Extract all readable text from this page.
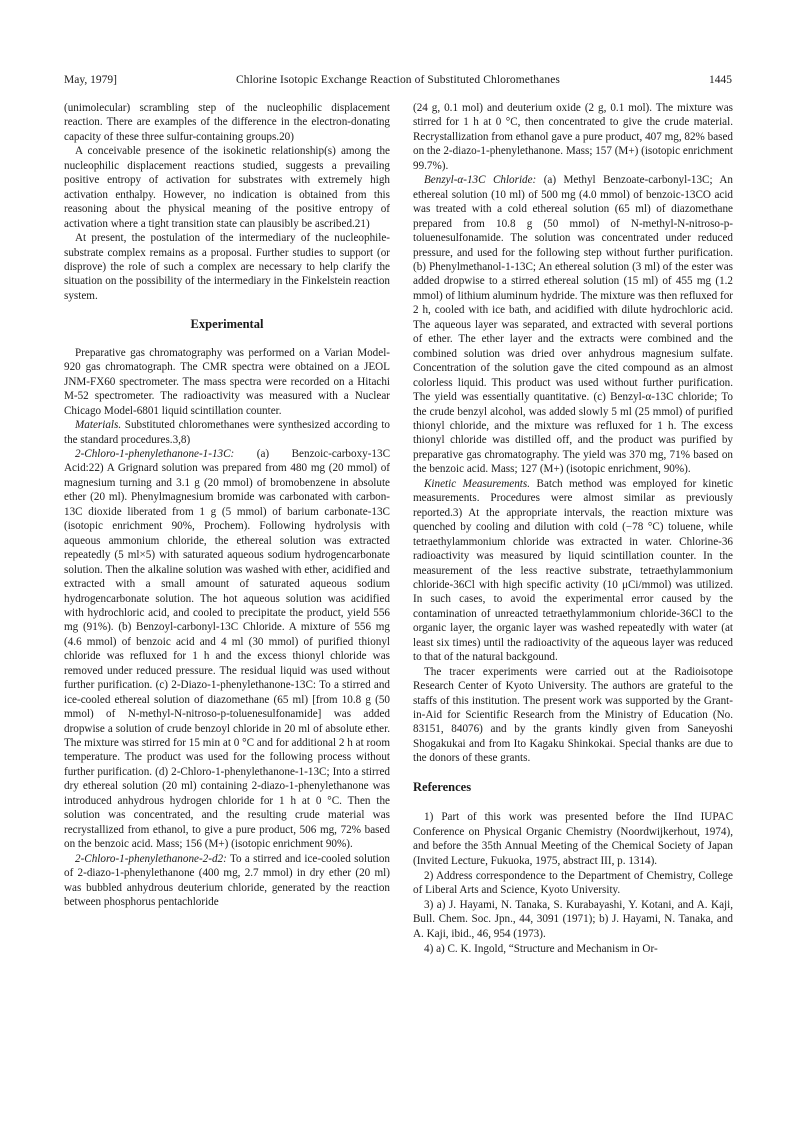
May, 1979]	Chlorine Isotopic Exchange Reaction of Substituted Chloromethanes	1445

(unimolecular) scrambling step of the nucleophilic displacement reaction. There are examples of the difference in the electron-donating capacity of these three sulfur-containing groups.20)

A conceivable presence of the isokinetic relationship(s) among the nucleophilic displacement reactions studied, suggests a prevailing positive entropy of activation for substrates with extremely high activation enthalpy. However, no indication is obtained from this reasoning about the physical meaning of the positive entropy of activation where a tight transition state can plausibly be ascribed.21)

At present, the postulation of the intermediary of the nucleophile-substrate complex remains as a proposal. Further studies to support (or disprove) the role of such a complex are necessary to help clarify the situation on the possibility of the intermediary in the Finkelstein reaction system.

Experimental

Preparative gas chromatography was performed on a Varian Model-920 gas chromatograph. The CMR spectra were obtained on a JEOL JNM-FX60 spectrometer. The mass spectra were recorded on a Hitachi M-52 spectrometer. The radioactivity was measured with a Nuclear Chicago Model-6801 liquid scintillation counter.

Materials. Substituted chloromethanes were synthesized according to the standard procedures.3,8)

2-Chloro-1-phenylethanone-1-13C: (a) Benzoic-carboxy-13C Acid:22) A Grignard solution was prepared from 480 mg (20 mmol) of magnesium turning and 3.1 g (20 mmol) of bromobenzene in absolute ether (20 ml). Phenylmagnesium bromide was carbonated with carbon-13C dioxide liberated from 1 g (5 mmol) of barium carbonate-13C (isotopic enrichment 90%, Prochem). Following hydrolysis with aqueous ammonium chloride, the ethereal solution was extracted repeatedly (5 ml×5) with saturated aqueous sodium hydrogencarbonate solution. Then the alkaline solution was washed with ether, acidified and extracted with a small amount of saturated aqueous sodium hydrogencarbonate solution. The hot aqueous solution was acidified with hydrochloric acid, and cooled to precipitate the product, yield 556 mg (91%). (b) Benzoyl-carbonyl-13C Chloride. A mixture of 556 mg (4.6 mmol) of benzoic acid and 4 ml (30 mmol) of purified thionyl chloride was refluxed for 1 h and the excess thionyl chloride was removed under reduced pressure. The residual liquid was used without further purification. (c) 2-Diazo-1-phenylethanone-13C: To a stirred and ice-cooled ethereal solution of diazomethane (65 ml) [from 10.8 g (50 mmol) of N-methyl-N-nitroso-p-toluenesulfonamide] was added dropwise a solution of crude benzoyl chloride in 20 ml of absolute ether. The mixture was stirred for 15 min at 0 °C and for additional 2 h at room temperature. The product was used for the following process without further purification. (d) 2-Chloro-1-phenylethanone-1-13C; Into a stirred dry ethereal solution (20 ml) containing 2-diazo-1-phenylethanone was introduced anhydrous hydrogen chloride for 1 h at 0 °C. Then the solution was concentrated, and the resulting crude material was recrystallized from ethanol, to give a pure product, 506 mg, 72% based on the benzoic acid. Mass; 156 (M+) (isotopic enrichment 90%).

2-Chloro-1-phenylethanone-2-d2: To a stirred and ice-cooled solution of 2-diazo-1-phenylethanone (400 mg, 2.7 mmol) in dry ether (20 ml) was bubbled anhydrous deuterium chloride, generated by the reaction between phosphorus pentachloride

(24 g, 0.1 mol) and deuterium oxide (2 g, 0.1 mol). The mixture was stirred for 1 h at 0 °C, then concentrated to give the crude material. Recrystallization from ethanol gave a pure product, 407 mg, 82% based on the 2-diazo-1-phenylethanone. Mass; 157 (M+) (isotopic enrichment 99.7%).

Benzyl-α-13C Chloride: (a) Methyl Benzoate-carbonyl-13C; An ethereal solution (10 ml) of 500 mg (4.0 mmol) of benzoic-13CO acid was treated with a cold ethereal solution (65 ml) of diazomethane prepared from 10.8 g (50 mmol) of N-methyl-N-nitroso-p-toluenesulfonamide. The solution was concentrated under reduced pressure, and used for the following step without further purification. (b) Phenylmethanol-1-13C; An ethereal solution (3 ml) of the ester was added dropwise to a stirred ethereal solution (15 ml) of 455 mg (1.2 mmol) of lithium aluminum hydride. The mixture was then refluxed for 2 h, cooled with ice bath, and acidified with dilute hydrochloric acid. The aqueous layer was separated, and extracted with several portions of ether. The ether layer and the extracts were combined and the combined solution was dried over anhydrous magnesium sulfate. Concentration of the solution gave the cited compound as an almost colorless liquid. This product was used without further purification. The yield was essentially quantitative. (c) Benzyl-α-13C chloride; To the crude benzyl alcohol, was added slowly 5 ml (25 mmol) of purified thionyl chloride, and the mixture was refluxed for 1 h. The excess thionyl chloride was distilled off, and the product was purified by preparative gas chromatography. The yield was 370 mg, 71% based on the benzoic acid. Mass; 127 (M+) (isotopic enrichment, 90%).

Kinetic Measurements. Batch method was employed for kinetic measurements. Procedures were almost similar as previously reported.3) At the appropriate intervals, the reaction mixture was quenched by cooling and dilution with cold (−78 °C) toluene, while tetraethylammonium chloride was extracted in water. Chlorine-36 radioactivity was measured by liquid scintillation counter. In the measurement of the less reactive substrate, tetraethylammonium chloride-36Cl with high specific activity (10 μCi/mmol) was utilized. In such cases, to avoid the experimental error caused by the contamination of unreacted tetraethylammonium chloride-36Cl to the organic layer, the organic layer was washed repeatedly with water (at least six times) until the radioactivity of the aqueous layer was reduced to that of the natural backgound.

The tracer experiments were carried out at the Radioisotope Research Center of Kyoto University. The authors are grateful to the staffs of this institution. The present work was supported by the Grant-in-Aid for Scientific Research from the Ministry of Education (No. 83151, 84076) and by the grants kindly given from Saneyoshi Shogakukai and from Ito Kagaku Shinkokai. Special thanks are due to the donors of these grants.

References

1) Part of this work was presented before the IInd IUPAC Conference on Physical Organic Chemistry (Noordwijkerhout, 1974), and before the 35th Annual Meeting of the Chemical Society of Japan (Invited Lecture, Fukuoka, 1975, abstract III, p. 1314).

2) Address correspondence to the Department of Chemistry, College of Liberal Arts and Science, Kyoto University.

3) a) J. Hayami, N. Tanaka, S. Kurabayashi, Y. Kotani, and A. Kaji, Bull. Chem. Soc. Jpn., 44, 3091 (1971); b) J. Hayami, N. Tanaka, and A. Kaji, ibid., 46, 954 (1973).

4) a) C. K. Ingold, “Structure and Mechanism in Or-
